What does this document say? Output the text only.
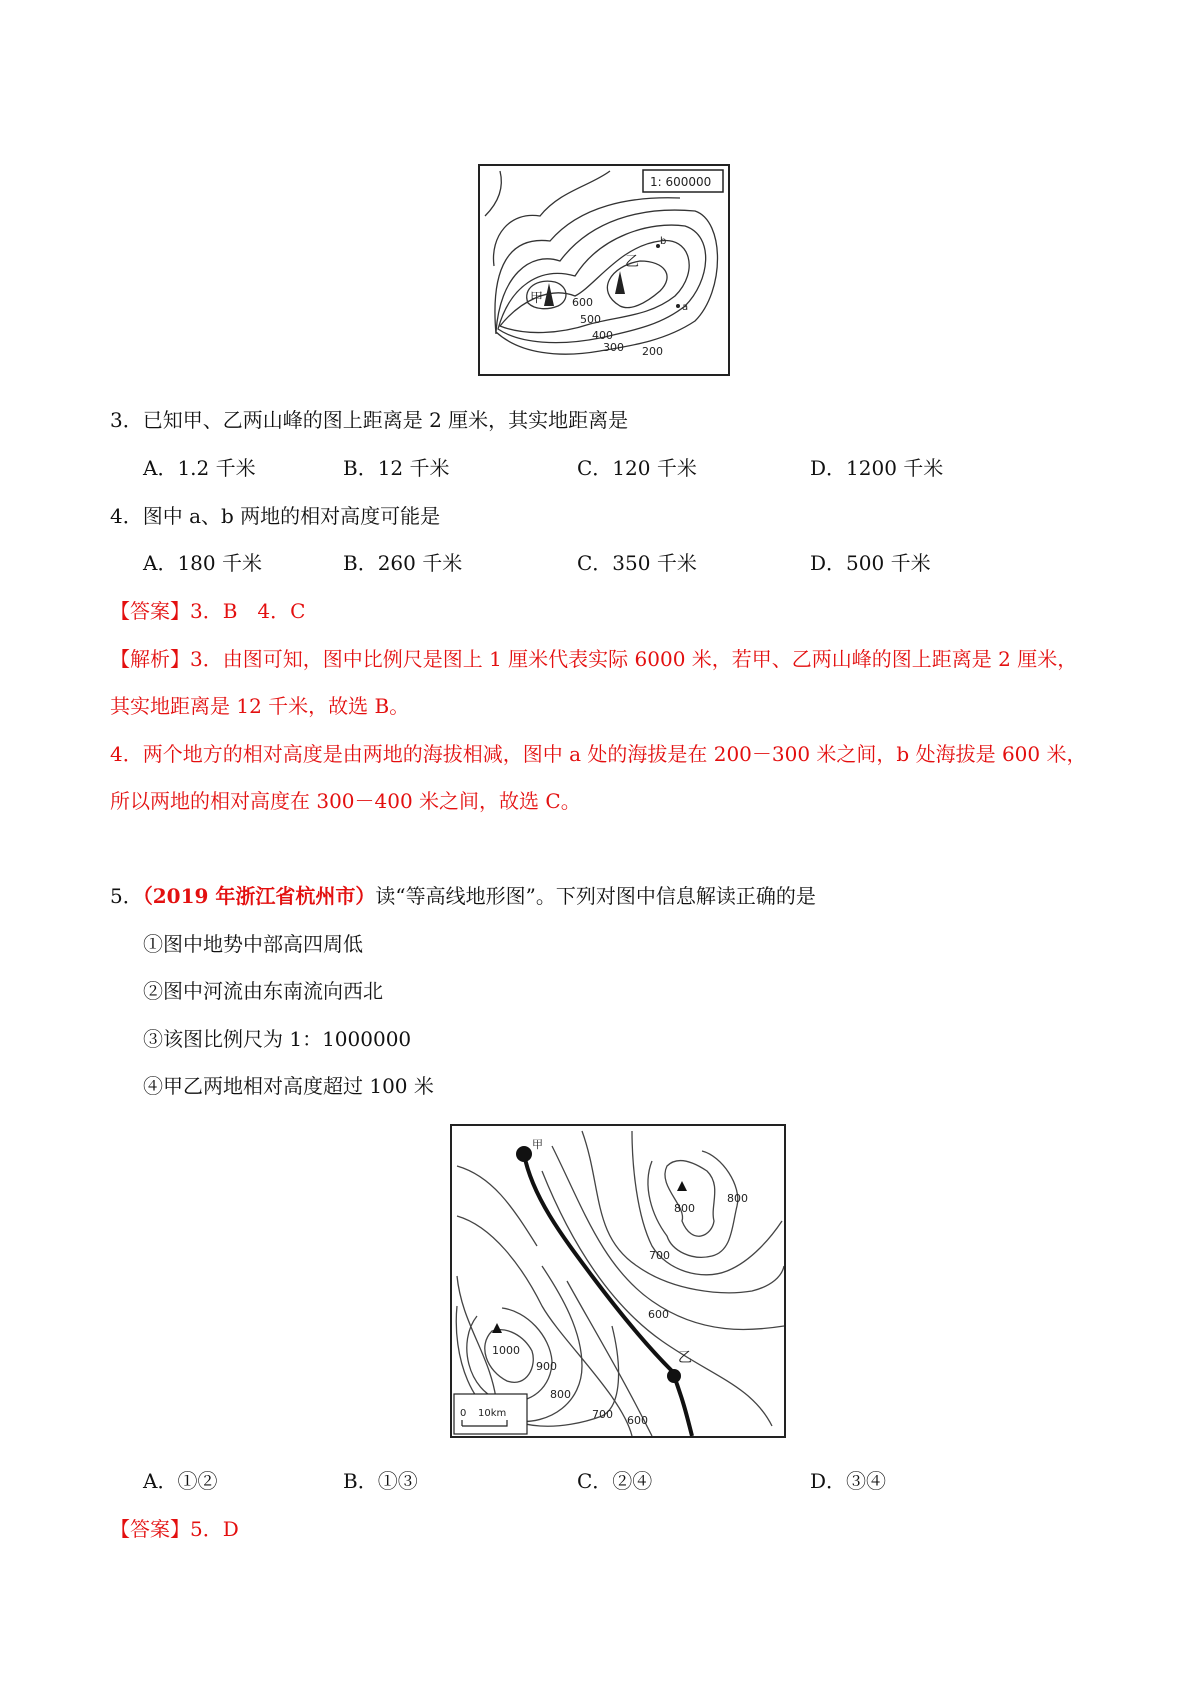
1: 600000
甲
乙
b
a
600
500
400
300 200
3．已知甲、乙两山峰的图上距离是 2 厘米，其实地距离是
A．1.2 千米	B．12 千米	C．120 千米	D．1200 千米
4．图中 a、b 两地的相对高度可能是
A．180 千米	B．260 千米	C．350 千米	D．500 千米
【答案】3．B　4．C
【解析】3．由图可知，图中比例尺是图上 1 厘米代表实际 6000 米，若甲、乙两山峰的图上距离是 2 厘米，
其实地距离是 12 千米，故选 B。
4．两个地方的相对高度是由两地的海拔相减，图中 a 处的海拔是在 200－300 米之间，b 处海拔是 600 米，
所以两地的相对高度在 300－400 米之间，故选 C。
5．（2019 年浙江省杭州市）读“等高线地形图”。下列对图中信息解读正确的是
①图中地势中部高四周低
②图中河流由东南流向西北
③该图比例尺为 1：1000000
④甲乙两地相对高度超过 100 米
甲
乙
800
800
700
600
1000
900
800
700 600
0 10km
A．①②	B．①③	C．②④	D．③④
【答案】5．D
